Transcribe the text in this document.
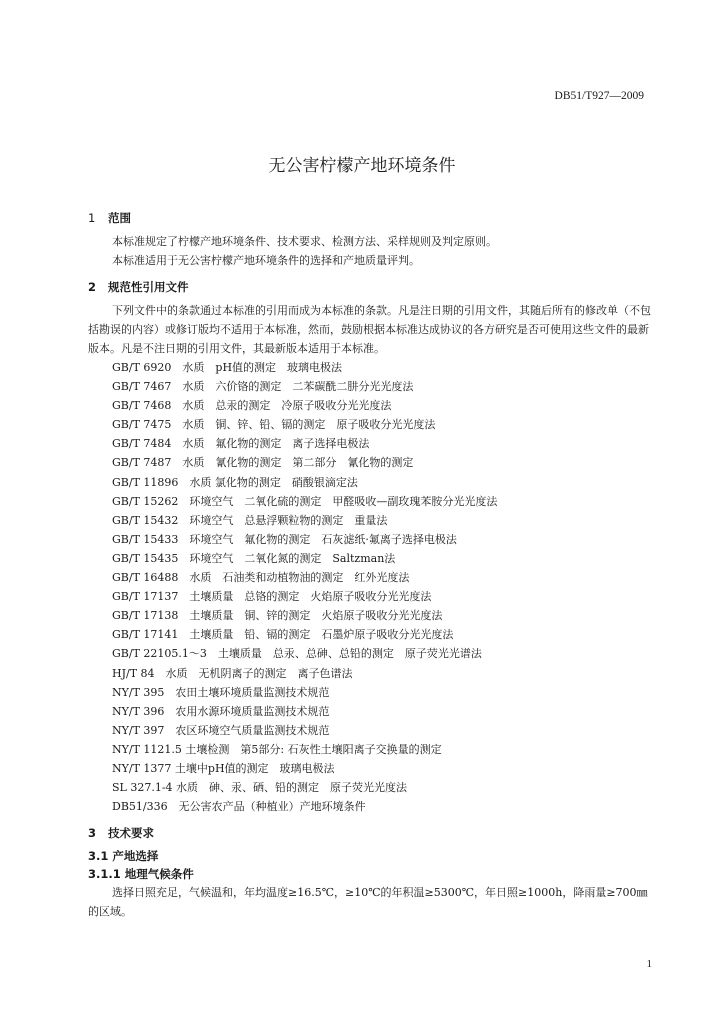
DB51/T927—2009
无公害柠檬产地环境条件
1 范围
本标准规定了柠檬产地环境条件、技术要求、检测方法、采样规则及判定原则。
本标准适用于无公害柠檬产地环境条件的选择和产地质量评判。
2 规范性引用文件
下列文件中的条款通过本标准的引用而成为本标准的条款。凡是注日期的引用文件，其随后所有的修改单（不包括勘误的内容）或修订版均不适用于本标准，然而，鼓励根据本标准达成协议的各方研究是否可使用这些文件的最新版本。凡是不注日期的引用文件，其最新版本适用于本标准。
GB/T 6920　水质　pH值的测定　玻璃电极法
GB/T 7467　水质　六价铬的测定　二苯碳酰二肼分光光度法
GB/T 7468　水质　总汞的测定　冷原子吸收分光光度法
GB/T 7475　水质　铜、锌、铅、镉的测定　原子吸收分光光度法
GB/T 7484　水质　氟化物的测定　离子选择电极法
GB/T 7487　水质　氰化物的测定　第二部分　氰化物的测定
GB/T 11896　水质 氯化物的测定　硝酸银滴定法
GB/T 15262　环境空气　二氧化硫的测定　甲醛吸收—副玫瑰苯胺分光光度法
GB/T 15432　环境空气　总悬浮颗粒物的测定　重量法
GB/T 15433　环境空气　氟化物的测定　石灰滤纸·氟离子选择电极法
GB/T 15435　环境空气　二氧化氮的测定　Saltzman法
GB/T 16488　水质　石油类和动植物油的测定　红外光度法
GB/T 17137　土壤质量　总铬的测定　火焰原子吸收分光光度法
GB/T 17138　土壤质量　铜、锌的测定　火焰原子吸收分光光度法
GB/T 17141　土壤质量　铅、镉的测定　石墨炉原子吸收分光光度法
GB/T 22105.1～3　土壤质量　总汞、总砷、总铅的测定　原子荧光光谱法
HJ/T 84　水质　无机阴离子的测定　离子色谱法
NY/T 395　农田土壤环境质量监测技术规范
NY/T 396　农用水源环境质量监测技术规范
NY/T 397　农区环境空气质量监测技术规范
NY/T 1121.5 土壤检测　第5部分: 石灰性土壤阳离子交换量的测定
NY/T 1377 土壤中pH值的测定　玻璃电极法
SL 327.1-4 水质　砷、汞、硒、铅的测定　原子荧光光度法
DB51/336　无公害农产品（种植业）产地环境条件
3 技术要求
3.1 产地选择
3.1.1 地理气候条件
选择日照充足，气候温和，年均温度≥16.5℃，≥10℃的年积温≥5300℃，年日照≥1000h，降雨量≥700㎜的区域。
1
